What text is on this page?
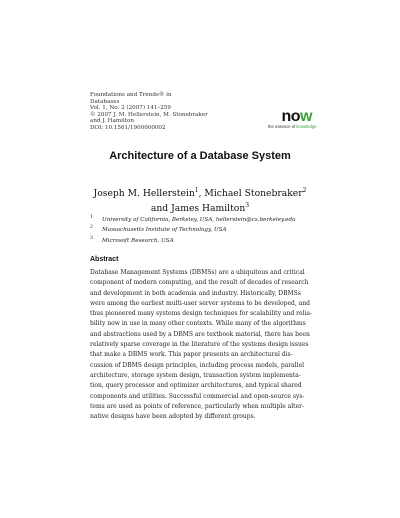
Foundations and Trends® in
Databases
Vol. 1, No. 2 (2007) 141–259
© 2007 J. M. Hellerstein, M. Stonebraker
and J. Hamilton
DOI: 10.1561/1900000002
now
the essence of knowledge
Architecture of a Database System
Joseph M. Hellerstein$^1$, Michael Stonebraker$^2$
and James Hamilton$^3$
$^1$ University of California, Berkeley, USA, hellerstein@cs.berkeley.edu
$^2$ Massachusetts Institute of Technology, USA
$^3$ Microsoft Research, USA
Abstract
Database Management Systems (DBMSs) are a ubiquitous and critical
component of modern computing, and the result of decades of research
and development in both academia and industry. Historically, DBMSs
were among the earliest multi-user server systems to be developed, and
thus pioneered many systems design techniques for scalability and relia-
bility now in use in many other contexts. While many of the algorithms
and abstractions used by a DBMS are textbook material, there has been
relatively sparse coverage in the literature of the systems design issues
that make a DBMS work. This paper presents an architectural dis-
cussion of DBMS design principles, including process models, parallel
architecture, storage system design, transaction system implementa-
tion, query processor and optimizer architectures, and typical shared
components and utilities. Successful commercial and open-source sys-
tems are used as points of reference, particularly when multiple alter-
native designs have been adopted by different groups.
